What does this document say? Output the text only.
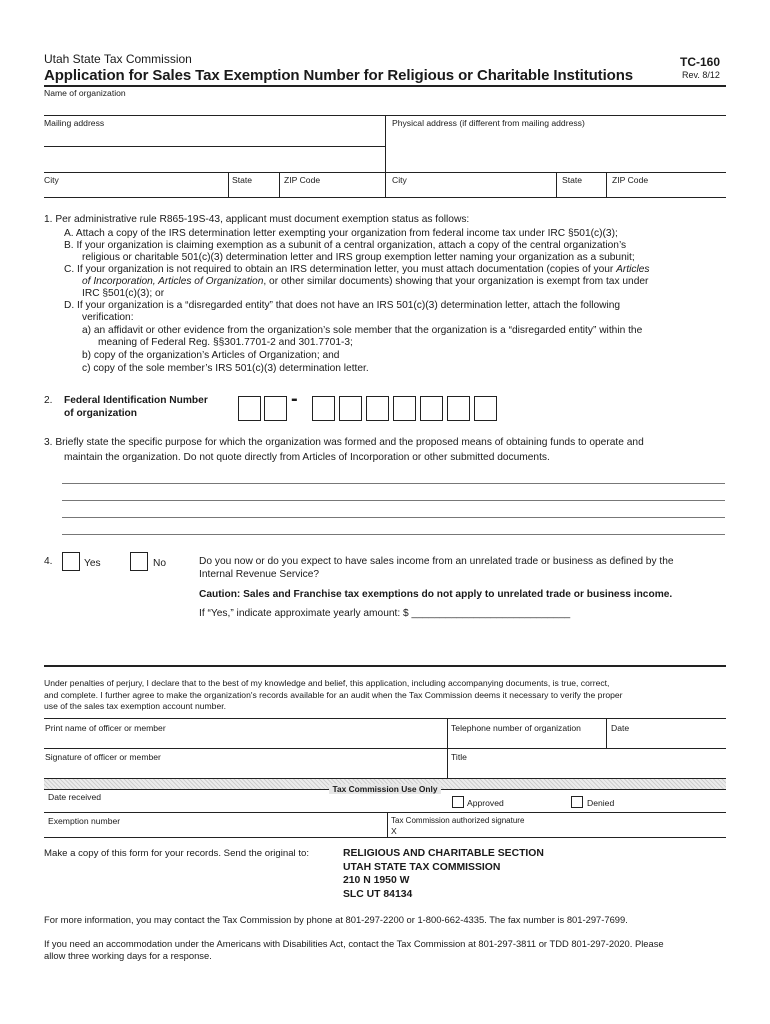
Utah State Tax Commission
Application for Sales Tax Exemption Number for Religious or Charitable Institutions
TC-160
Rev. 8/12
Name of organization
Mailing address	Physical address (if different from mailing address)
City	State	ZIP Code	City	State	ZIP Code
1. Per administrative rule R865-19S-43, applicant must document exemption status as follows:
A. Attach a copy of the IRS determination letter exempting your organization from federal income tax under IRC §501(c)(3);
B. If your organization is claiming exemption as a subunit of a central organization, attach a copy of the central organization’s
religious or charitable 501(c)(3) determination letter and IRS group exemption letter naming your organization as a subunit;
C. If your organization is not required to obtain an IRS determination letter, you must attach documentation (copies of your Articles
of Incorporation, Articles of Organization, or other similar documents) showing that your organization is exempt from tax under
IRC §501(c)(3); or
D. If your organization is a “disregarded entity” that does not have an IRS 501(c)(3) determination letter, attach the following
verification:
a) an affidavit or other evidence from the organization’s sole member that the organization is a “disregarded entity” within the
meaning of Federal Reg. §§301.7701-2 and 301.7701-3;
b) copy of the organization’s Articles of Organization; and
c) copy of the sole member’s IRS 501(c)(3) determination letter.
2. Federal Identification Number
of organization
-
3. Briefly state the specific purpose for which the organization was formed and the proposed means of obtaining funds to operate and
maintain the organization. Do not quote directly from Articles of Incorporation or other submitted documents.
4.	Yes	No	Do you now or do you expect to have sales income from an unrelated trade or business as defined by the
Internal Revenue Service?
Caution: Sales and Franchise tax exemptions do not apply to unrelated trade or business income.
If “Yes,” indicate approximate yearly amount: $ ____________________________
Under penalties of perjury, I declare that to the best of my knowledge and belief, this application, including accompanying documents, is true, correct,
and complete. I further agree to make the organization's records available for an audit when the Tax Commission deems it necessary to verify the proper
use of the sales tax exemption account number.
Print name of officer or member	Telephone number of organization	Date
Signature of officer or member	Title
Tax Commission Use Only
Date received
Approved	Denied
Exemption number	Tax Commission authorized signature
X
Make a copy of this form for your records. Send the original to:	RELIGIOUS AND CHARITABLE SECTION
UTAH STATE TAX COMMISSION
210 N 1950 W
SLC UT 84134
For more information, you may contact the Tax Commission by phone at 801-297-2200 or 1-800-662-4335. The fax number is 801-297-7699.
If you need an accommodation under the Americans with Disabilities Act, contact the Tax Commission at 801-297-3811 or TDD 801-297-2020. Please
allow three working days for a response.
